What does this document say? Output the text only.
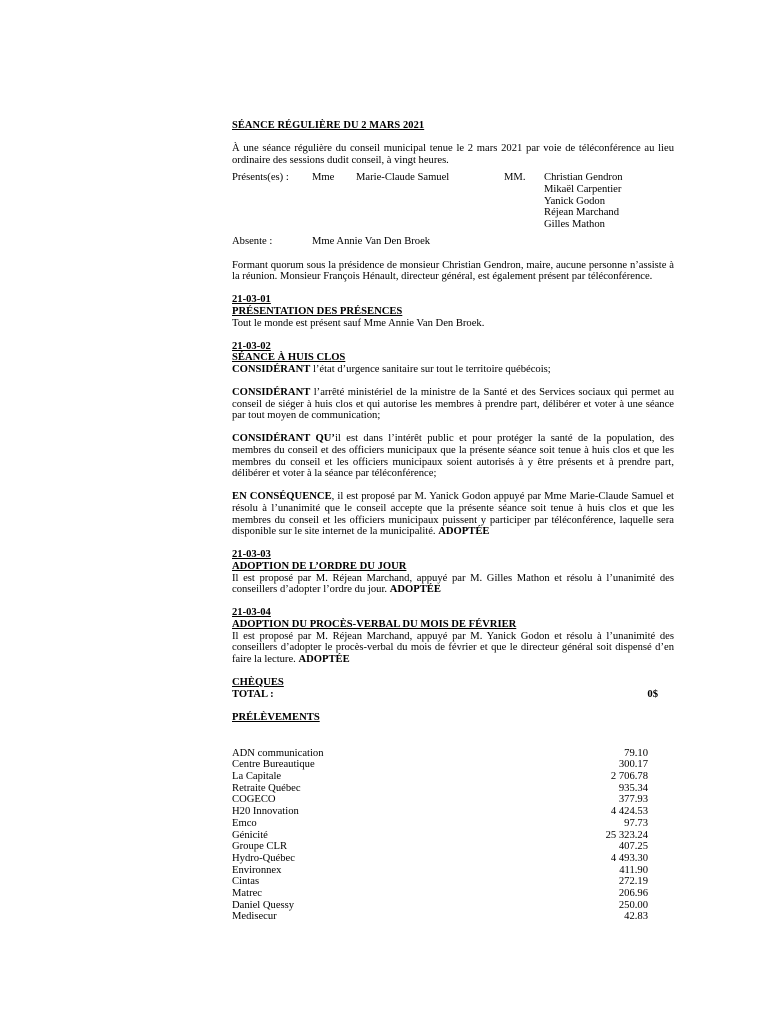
SÉANCE RÉGULIÈRE DU 2 MARS 2021

À une séance régulière du conseil municipal tenue le 2 mars 2021 par voie de téléconférence au lieu ordinaire des sessions dudit conseil, à vingt heures.

Présents(es) : Mme Marie-Claude Samuel	MM. Christian Gendron
Mikaël Carpentier
Yanick Godon
Réjean Marchand
Gilles Mathon
Absente :	Mme Annie Van Den Broek

Formant quorum sous la présidence de monsieur Christian Gendron, maire, aucune personne n’assiste à la réunion. Monsieur François Hénault, directeur général, est également présent par téléconférence.

21-03-01

PRÉSENTATION DES PRÉSENCES

Tout le monde est présent sauf Mme Annie Van Den Broek.

21-03-02

SÉANCE À HUIS CLOS

CONSIDÉRANT l’état d’urgence sanitaire sur tout le territoire québécois;

CONSIDÉRANT l’arrêté ministériel de la ministre de la Santé et des Services sociaux qui permet au conseil de siéger à huis clos et qui autorise les membres à prendre part, délibérer et voter à une séance par tout moyen de communication;

CONSIDÉRANT QU’il est dans l’intérêt public et pour protéger la santé de la population, des membres du conseil et des officiers municipaux que la présente séance soit tenue à huis clos et que les membres du conseil et les officiers municipaux soient autorisés à y être présents et à prendre part, délibérer et voter à la séance par téléconférence;

EN CONSÉQUENCE, il est proposé par M. Yanick Godon appuyé par Mme Marie-Claude Samuel et résolu à l’unanimité que le conseil accepte que la présente séance soit tenue à huis clos et que les membres du conseil et les officiers municipaux puissent y participer par téléconférence, laquelle sera disponible sur le site internet de la municipalité. ADOPTÉE

21-03-03

ADOPTION DE L’ORDRE DU JOUR

Il est proposé par M. Réjean Marchand, appuyé par M. Gilles Mathon et résolu à l’unanimité des conseillers d’adopter l’ordre du jour. ADOPTÉE

21-03-04

ADOPTION DU PROCÈS-VERBAL DU MOIS DE FÉVRIER

Il est proposé par M. Réjean Marchand, appuyé par M. Yanick Godon et résolu à l’unanimité des conseillers d’adopter le procès-verbal du mois de février et que le directeur général soit dispensé d’en faire la lecture. ADOPTÉE

CHÈQUES

TOTAL :	0$

PRÉLÈVEMENTS

ADN communication	79.10
Centre Bureautique	300.17
La Capitale	2 706.78
Retraite Québec	935.34
COGECO	377.93
H20 Innovation	4 424.53
Emco	97.73
Génicité	25 323.24
Groupe CLR	407.25
Hydro-Québec	4 493.30
Environnex	411.90
Cintas	272.19
Matrec	206.96
Daniel Quessy	250.00
Medisecur	42.83
